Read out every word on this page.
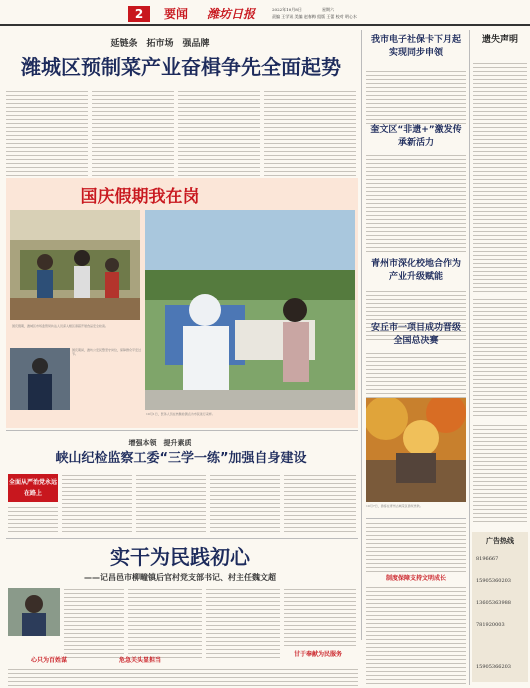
2	要闻	潍坊日报	2022年10月8日	星期六
责编 王学讯 美编 赵春梅 组版 王蕾 校对 明心水
延链条　拓市场　强品牌
潍城区预制菜产业奋楫争先全面起势
国庆假期我在岗
国庆假期，潍城区市场监管局执法人员深入辖区商超开展食品安全检查。
国庆期间，潍坊公安民警坚守岗位，保障群众平安过节。
10月1日，医务人员在核酸检测点为市民进行采样。
我市电子社保卡下月起实现同步申领
奎文区“非遗+”激发传承新活力
青州市深化校地合作为产业升级赋能
安丘市一项目成功晋级全国总决赛
10月7日，游客在青州古城景区游玩赏秋。
遗失声明
广告热线
8196667
15905360203
13605363988
781920003
15905366203
增强本领　提升素质
峡山纪检监察工委“三学一练”加强自身建设
全面从严治党永远在路上
实干为民践初心
——记昌邑市柳疃镇后官村党支部书记、村主任魏文超
心只为百姓谋	危急关头显担当
甘于奉献为民服务
制度保障支持文明成长
